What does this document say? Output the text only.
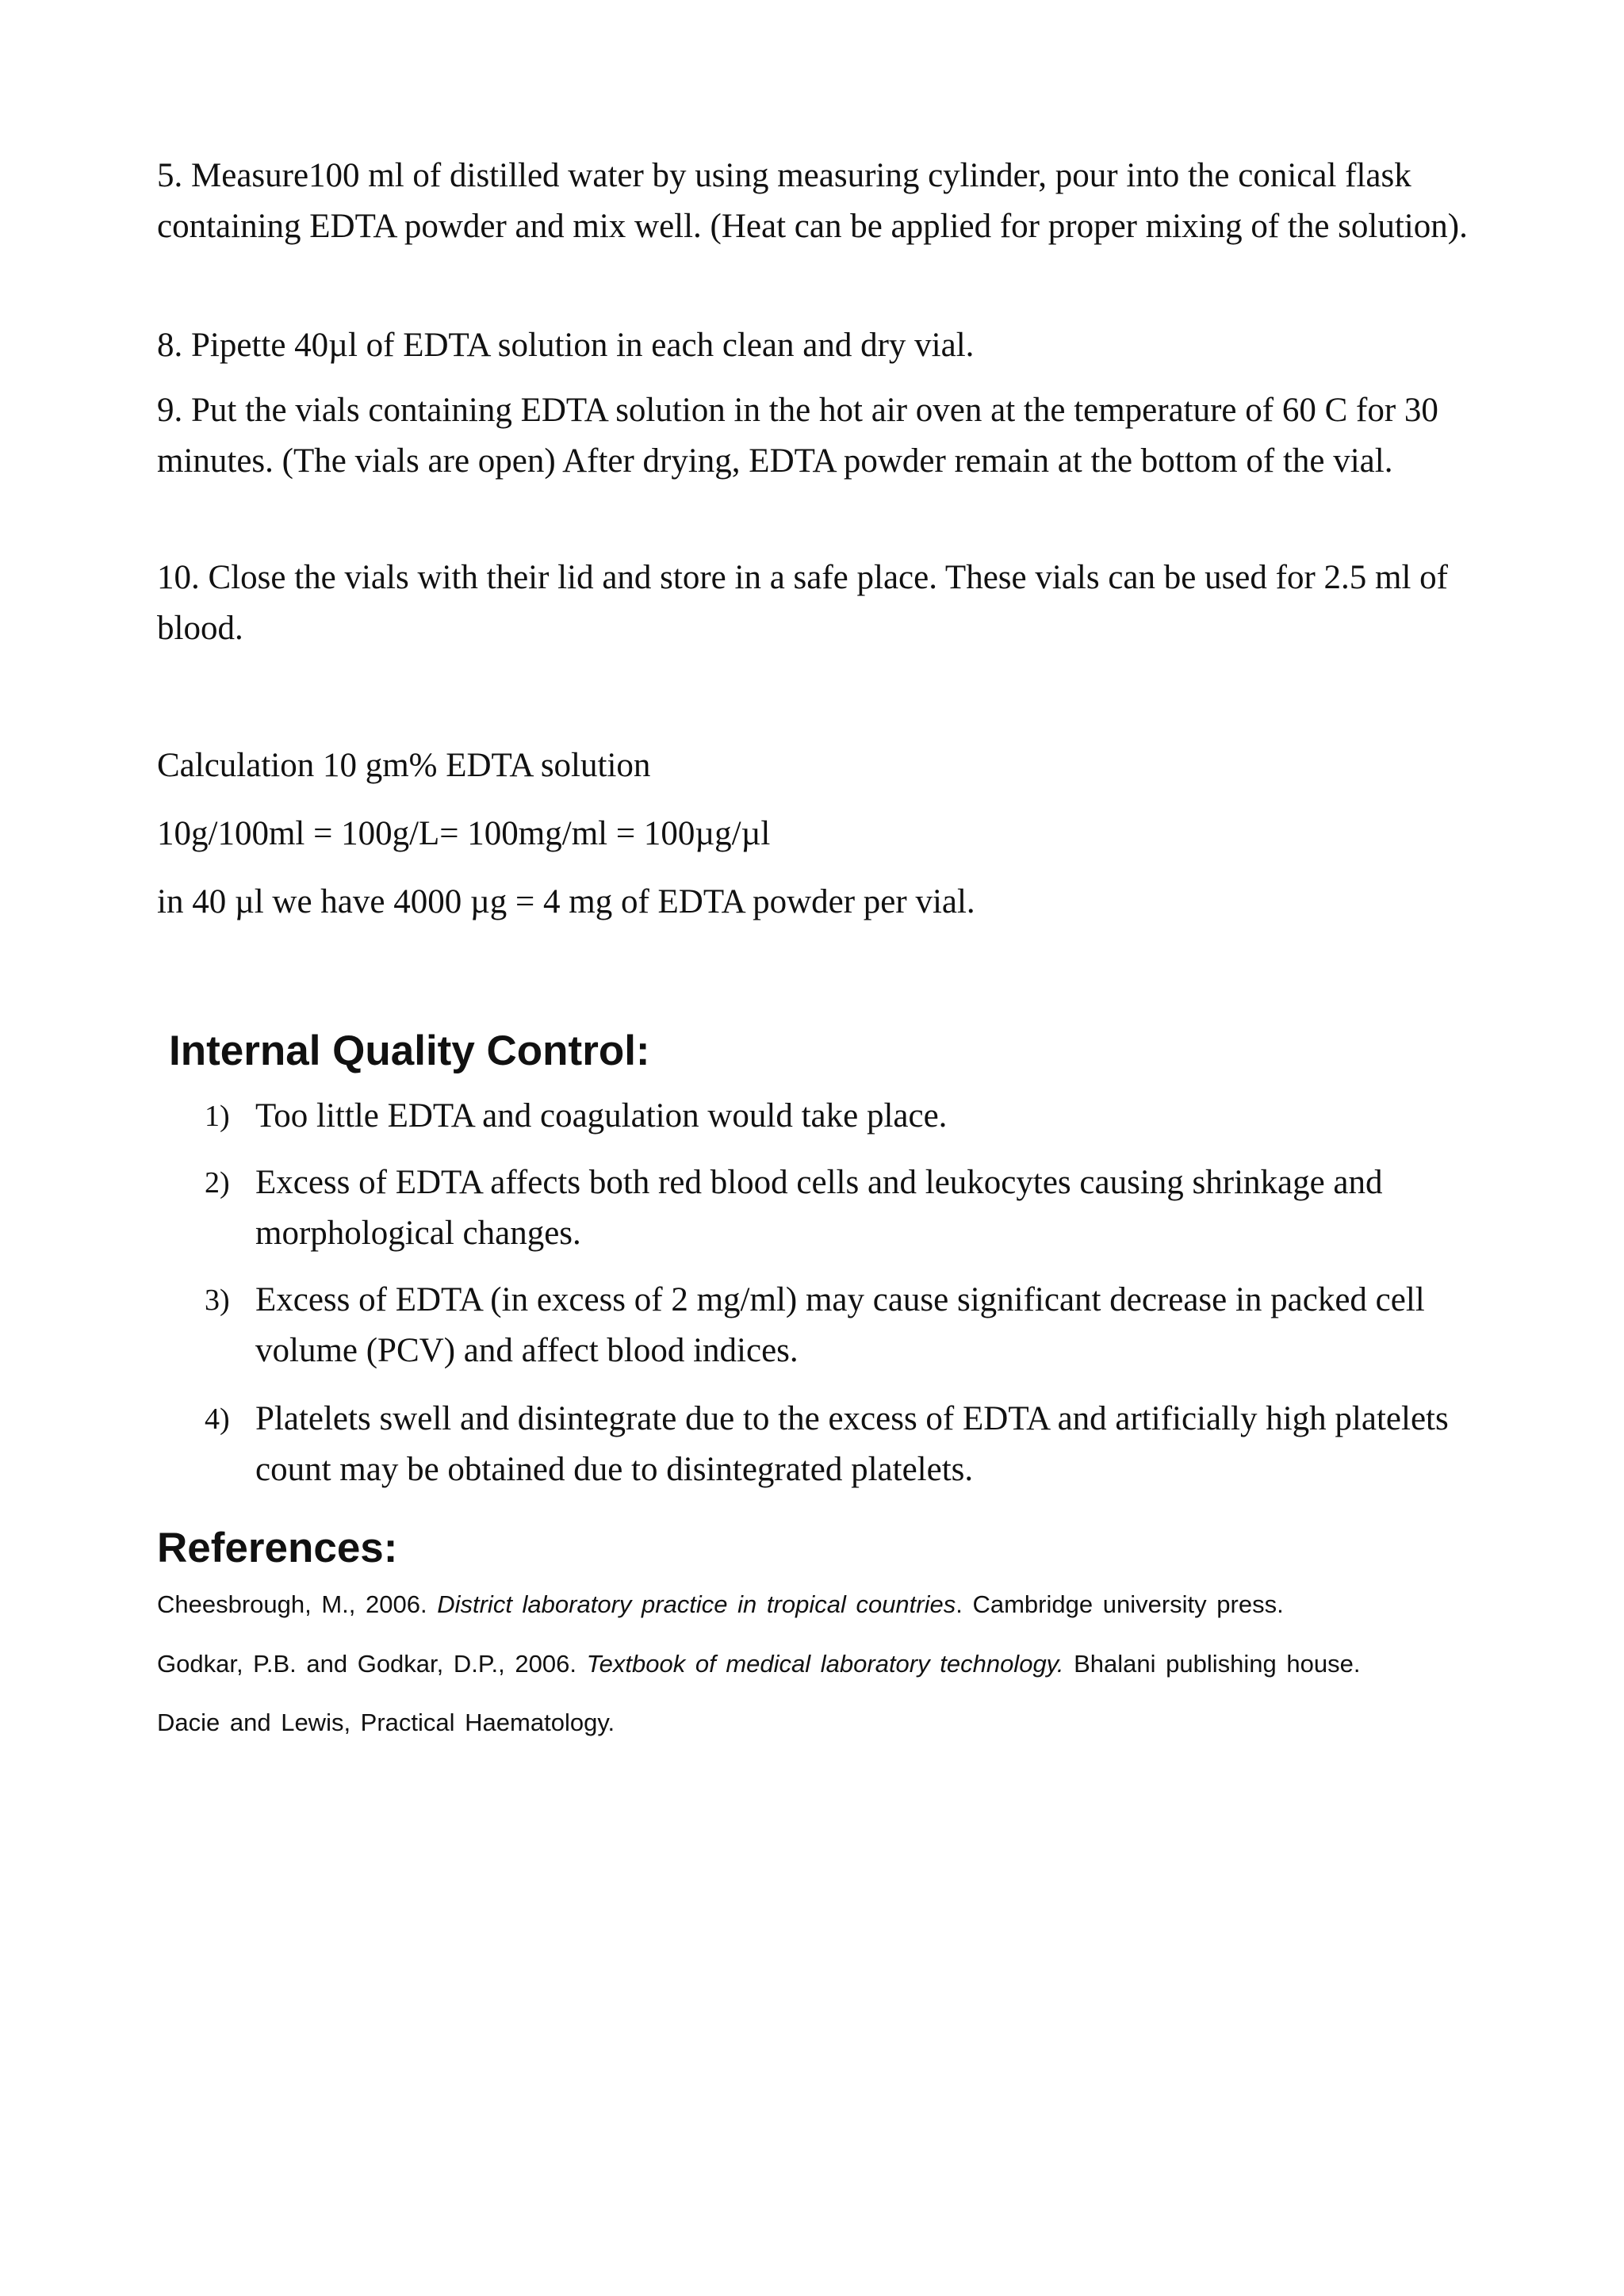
5. Measure100 ml of distilled water by using measuring cylinder, pour into the conical flask containing EDTA powder and mix well. (Heat can be applied for proper mixing of the solution).

8. Pipette 40µl of EDTA solution in each clean and dry vial.

9. Put the vials containing EDTA solution in the hot air oven at the temperature of 60 C for 30 minutes. (The vials are open) After drying, EDTA powder remain at the bottom of the vial.

10. Close the vials with their lid and store in a safe place. These vials can be used for 2.5 ml of blood.

Calculation 10 gm% EDTA solution

10g/100ml = 100g/L= 100mg/ml = 100µg/µl

in 40 µl we have 4000 µg = 4 mg of EDTA powder per vial.

Internal Quality Control:
1) Too little EDTA and coagulation would take place.
2) Excess of EDTA affects both red blood cells and leukocytes causing shrinkage and morphological changes.
3) Excess of EDTA (in excess of 2 mg/ml) may cause significant decrease in packed cell volume (PCV) and affect blood indices.
4) Platelets swell and disintegrate due to the excess of EDTA and artificially high platelets count may be obtained due to disintegrated platelets.
References:
Cheesbrough, M., 2006. District laboratory practice in tropical countries. Cambridge university press.
Godkar, P.B. and Godkar, D.P., 2006. Textbook of medical laboratory technology. Bhalani publishing house.
Dacie and Lewis, Practical Haematology.
